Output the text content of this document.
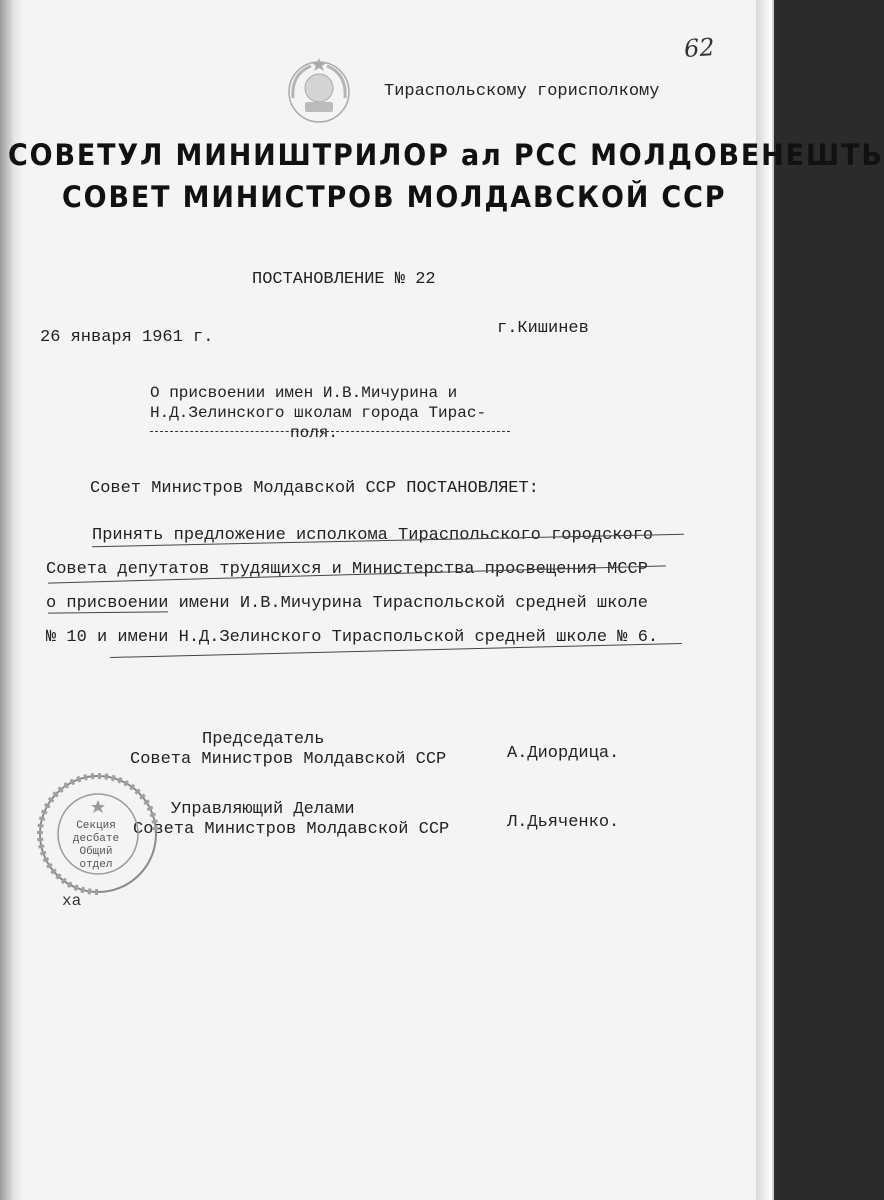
62
Тираспольскому горисполкому
СОВЕТУЛ МИНИШТРИЛОР ал РСС МОЛДОВЕНЕШТЬ
СОВЕТ МИНИСТРОВ МОЛДАВСКОЙ ССР
ПОСТАНОВЛЕНИЕ № 22
26 января 1961 г.	г.Кишинев
О присвоении имен И.В.Мичурина и
Н.Д.Зелинского школам города Тирас-
поля.
Совет Министров Молдавской ССР ПОСТАНОВЛЯЕТ:
Принять предложение исполкома Тираспольского городского
Совета депутатов трудящихся и Министерства просвещения МССР
о присвоении имени И.В.Мичурина Тираспольской средней школе
№ 10 и имени Н.Д.Зелинского Тираспольской средней школе № 6.
Председатель
Совета Министров Молдавской ССР	А.Диордица.
Управляющий Делами
Совета Министров Молдавской ССР	Л.Дьяченко.
Секция
десбате
Общий
отдел
ха
